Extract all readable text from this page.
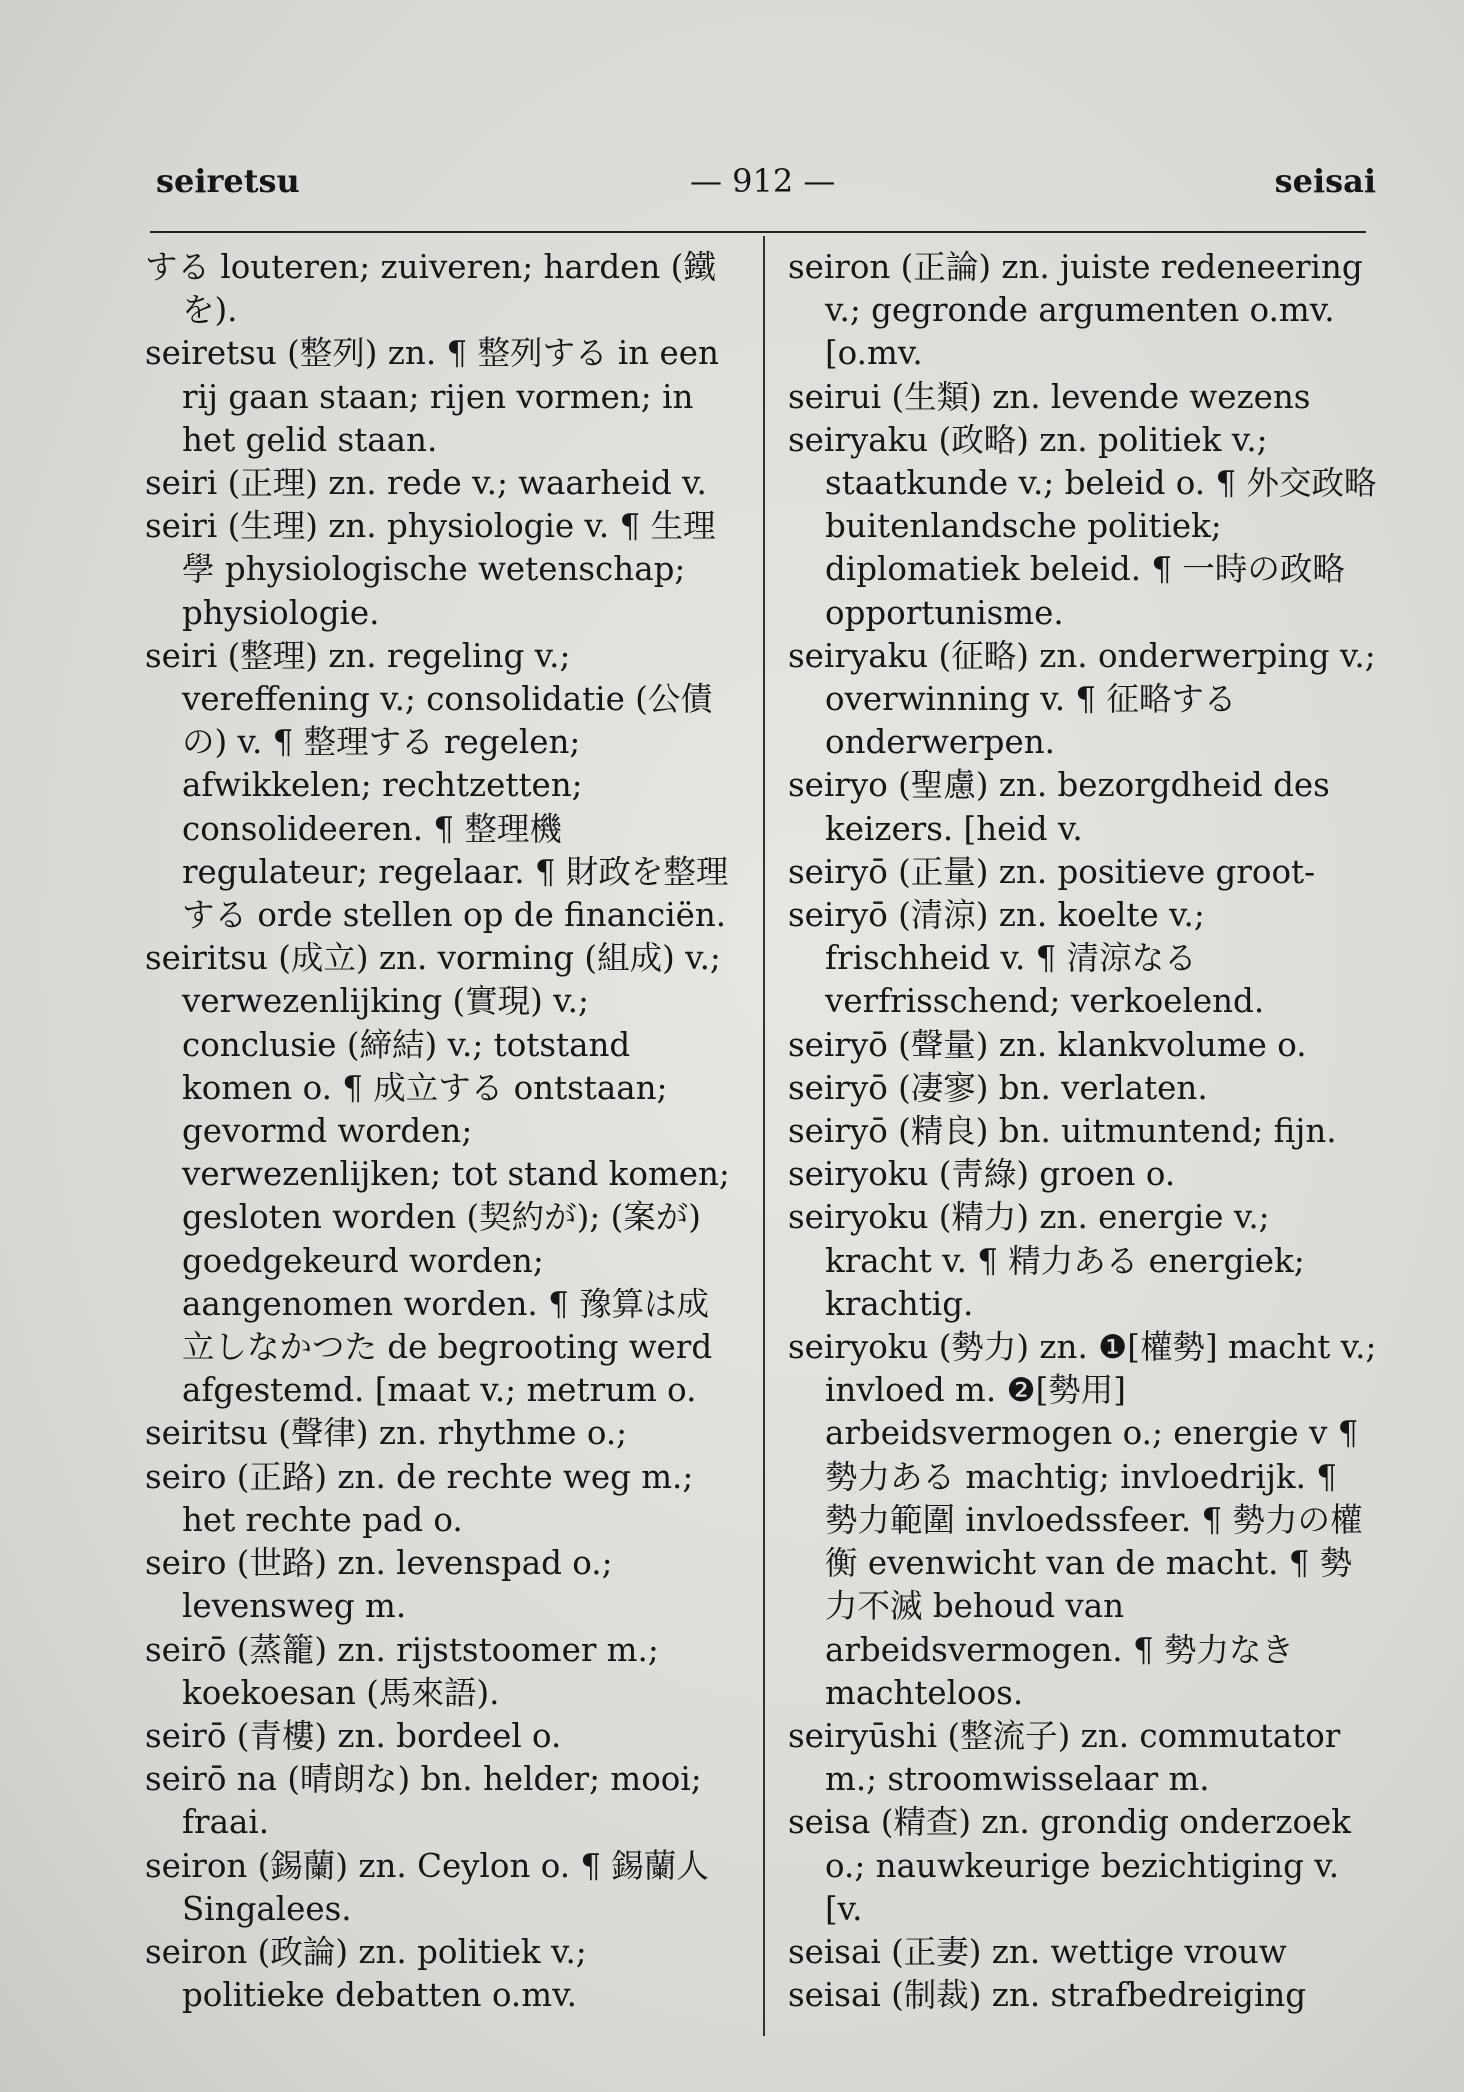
seiretsu	— 912 —	seisai

する louteren; zuiveren; harden (鐵を).

seiretsu (整列) zn. ¶ 整列する in een rij gaan staan; rijen vormen; in het gelid staan.

seiri (正理) zn. rede v.; waarheid v.

seiri (生理) zn. physiologie v. ¶ 生理學 physiologische wetenschap; physiologie.

seiri (整理) zn. regeling v.; vereffening v.; consolidatie (公債の) v. ¶ 整理する regelen; afwikkelen; rechtzetten; consolideeren. ¶ 整理機 regulateur; regelaar. ¶ 財政を整理する orde stellen op de financiën.

seiritsu (成立) zn. vorming (組成) v.; verwezenlijking (實現) v.; conclusie (締結) v.; totstand komen o. ¶ 成立する ontstaan; gevormd worden; verwezenlijken; tot stand komen; gesloten worden (契約が); (案が) goedgekeurd worden; aangenomen worden. ¶ 豫算は成立しなかつた de begrooting werd afgestemd. [maat v.; metrum o.

seiritsu (聲律) zn. rhythme o.;

seiro (正路) zn. de rechte weg m.; het rechte pad o.

seiro (世路) zn. levenspad o.; levensweg m.

seirō (蒸籠) zn. rijststoomer m.; koekoesan (馬來語).

seirō (青樓) zn. bordeel o.

seirō na (晴朗な) bn. helder; mooi; fraai.

seiron (錫蘭) zn. Ceylon o. ¶ 錫蘭人 Singalees.

seiron (政論) zn. politiek v.; politieke debatten o.mv.

seiron (正論) zn. juiste redeneering v.; gegronde argumenten o.mv. [o.mv.

seirui (生類) zn. levende wezens

seiryaku (政略) zn. politiek v.; staatkunde v.; beleid o. ¶ 外交政略 buitenlandsche politiek; diplomatiek beleid. ¶ 一時の政略 opportunisme.

seiryaku (征略) zn. onderwerping v.; overwinning v. ¶ 征略する onderwerpen.

seiryo (聖慮) zn. bezorgdheid des keizers. [heid v.

seiryō (正量) zn. positieve groot-

seiryō (清涼) zn. koelte v.; frischheid v. ¶ 清涼なる verfrisschend; verkoelend.

seiryō (聲量) zn. klankvolume o.

seiryō (凄寥) bn. verlaten.

seiryō (精良) bn. uitmuntend; fijn.

seiryoku (靑綠) groen o.

seiryoku (精力) zn. energie v.; kracht v. ¶ 精力ある energiek; krachtig.

seiryoku (勢力) zn. ❶[權勢] macht v.; invloed m. ❷[勢用] arbeidsvermogen o.; energie v ¶ 勢力ある machtig; invloedrijk. ¶ 勢力範圍 invloedssfeer. ¶ 勢力の權衡 evenwicht van de macht. ¶ 勢力不滅 behoud van arbeidsvermogen. ¶ 勢力なき machteloos.

seiryūshi (整流子) zn. commutator m.; stroomwisselaar m.

seisa (精查) zn. grondig onderzoek o.; nauwkeurige bezichtiging v. [v.

seisai (正妻) zn. wettige vrouw

seisai (制裁) zn. strafbedreiging
